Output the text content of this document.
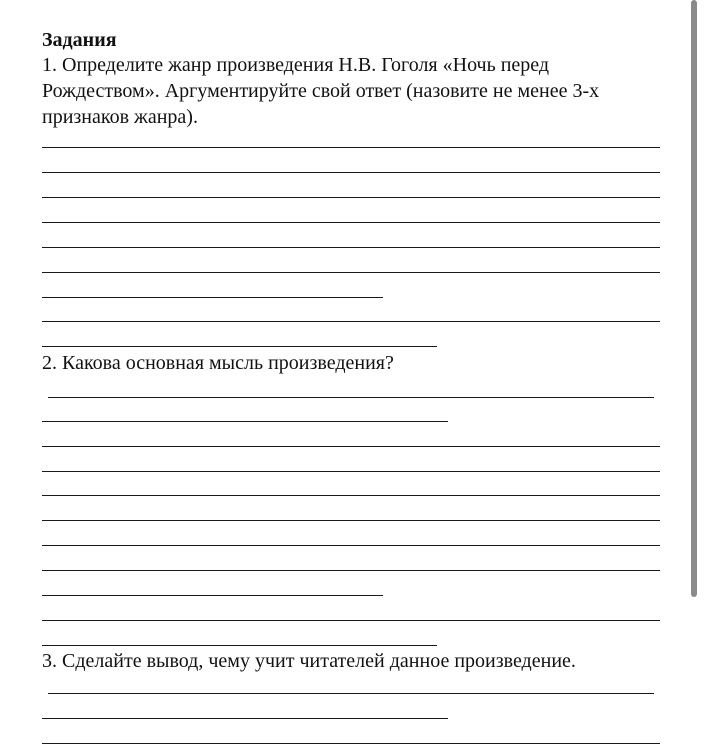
Задания

1. Определите жанр произведения Н.В. Гоголя «Ночь перед Рождеством». Аргументируйте свой ответ (назовите не менее 3-х признаков жанра).

2. Какова основная мысль произведения?

3. Сделайте вывод, чему учит читателей данное произведение.
